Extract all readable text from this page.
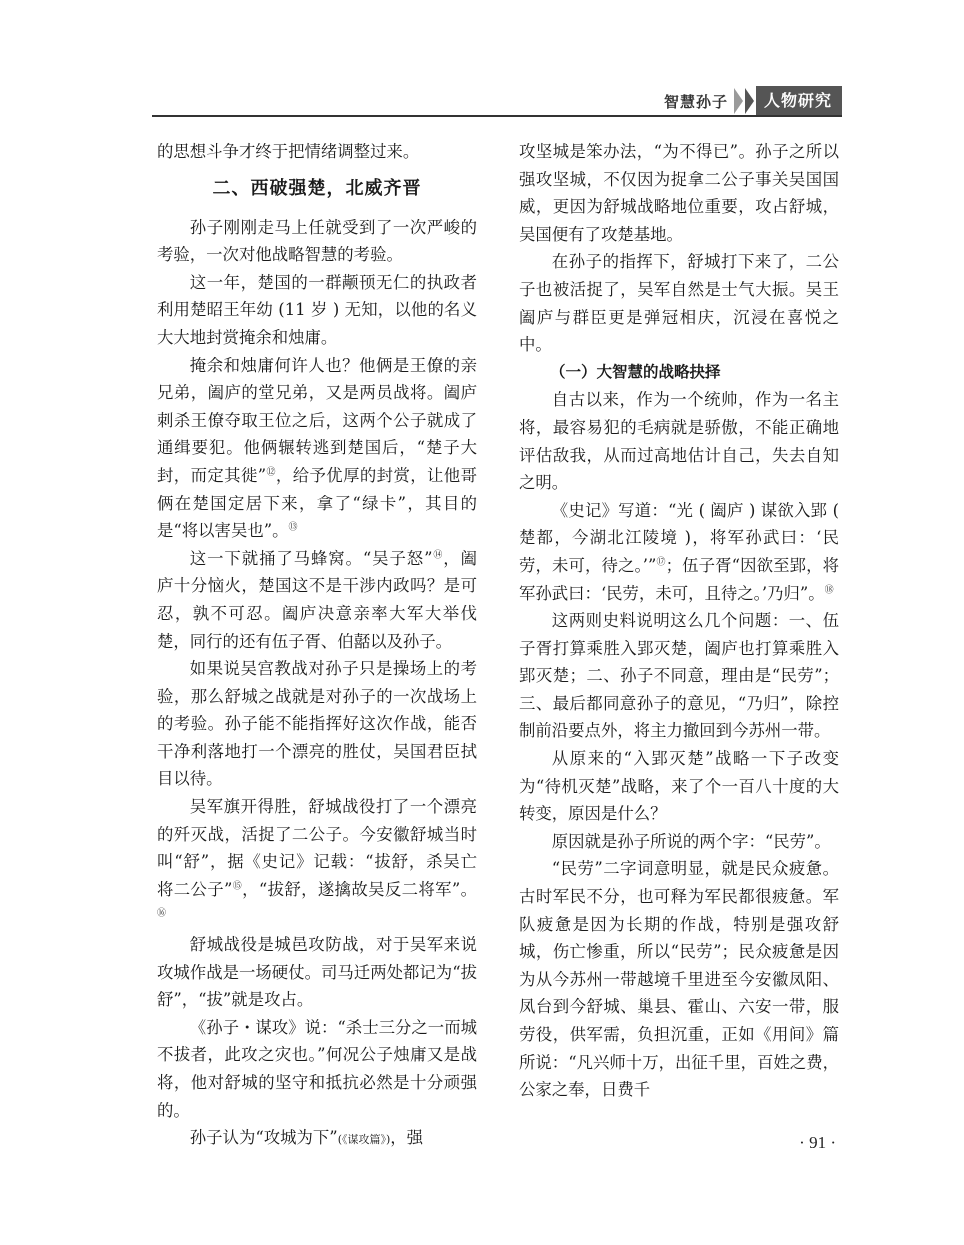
智慧孙子	人物研究

的思想斗争才终于把情绪调整过来。

二、西破强楚，北威齐晋

孙子刚刚走马上任就受到了一次严峻的考验，一次对他战略智慧的考验。

这一年，楚国的一群颟顸无仁的执政者利用楚昭王年幼 (11 岁 ) 无知，以他的名义大大地封赏掩余和烛庸。

掩余和烛庸何许人也？他俩是王僚的亲兄弟，阖庐的堂兄弟，又是两员战将。阖庐刺杀王僚夺取王位之后，这两个公子就成了通缉要犯。他俩辗转逃到楚国后，“楚子大封，而定其徙”⑫，给予优厚的封赏，让他哥俩在楚国定居下来，拿了“绿卡”，其目的是“将以害吴也”。⑬

这一下就捅了马蜂窝。“吴子怒”⑭，阖庐十分恼火，楚国这不是干涉内政吗？是可忍，孰不可忍。阖庐决意亲率大军大举伐楚，同行的还有伍子胥、伯嚭以及孙子。

如果说吴宫教战对孙子只是操场上的考验，那么舒城之战就是对孙子的一次战场上的考验。孙子能不能指挥好这次作战，能否干净利落地打一个漂亮的胜仗，吴国君臣拭目以待。

吴军旗开得胜，舒城战役打了一个漂亮的歼灭战，活捉了二公子。今安徽舒城当时叫“舒”，据《史记》记载：“拔舒，杀吴亡将二公子”⑮，“拔舒，遂擒故吴反二将军”。⑯

舒城战役是城邑攻防战，对于吴军来说攻城作战是一场硬仗。司马迁两处都记为“拔舒”，“拔”就是攻占。

《孙子・谋攻》说：“杀士三分之一而城不拔者，此攻之灾也。”何况公子烛庸又是战将，他对舒城的坚守和抵抗必然是十分顽强的。

孙子认为“攻城为下”(《谋攻篇》)，强

攻坚城是笨办法，“为不得已”。孙子之所以强攻坚城，不仅因为捉拿二公子事关吴国国威，更因为舒城战略地位重要，攻占舒城，吴国便有了攻楚基地。

在孙子的指挥下，舒城打下来了，二公子也被活捉了，吴军自然是士气大振。吴王阖庐与群臣更是弹冠相庆，沉浸在喜悦之中。

（一）大智慧的战略抉择

自古以来，作为一个统帅，作为一名主将，最容易犯的毛病就是骄傲，不能正确地评估敌我，从而过高地估计自己，失去自知之明。

《史记》写道：“光 ( 阖庐 ) 谋欲入郢 ( 楚都，今湖北江陵境 )，将军孙武曰：‘民劳，未可，待之。’”⑰；伍子胥“因欲至郢，将军孙武曰：‘民劳，未可，且待之。’乃归”。⑱

这两则史料说明这么几个问题：一、伍子胥打算乘胜入郢灭楚，阖庐也打算乘胜入郢灭楚；二、孙子不同意，理由是“民劳”；三、最后都同意孙子的意见，“乃归”，除控制前沿要点外，将主力撤回到今苏州一带。

从原来的“入郢灭楚”战略一下子改变为“待机灭楚”战略，来了个一百八十度的大转变，原因是什么？

原因就是孙子所说的两个字：“民劳”。

“民劳”二字词意明显，就是民众疲惫。古时军民不分，也可释为军民都很疲惫。军队疲惫是因为长期的作战，特别是强攻舒城，伤亡惨重，所以“民劳”；民众疲惫是因为从今苏州一带越境千里进至今安徽凤阳、凤台到今舒城、巢县、霍山、六安一带，服劳役，供军需，负担沉重，正如《用间》篇所说：“凡兴师十万，出征千里，百姓之费，公家之奉，日费千

· 91 ·
